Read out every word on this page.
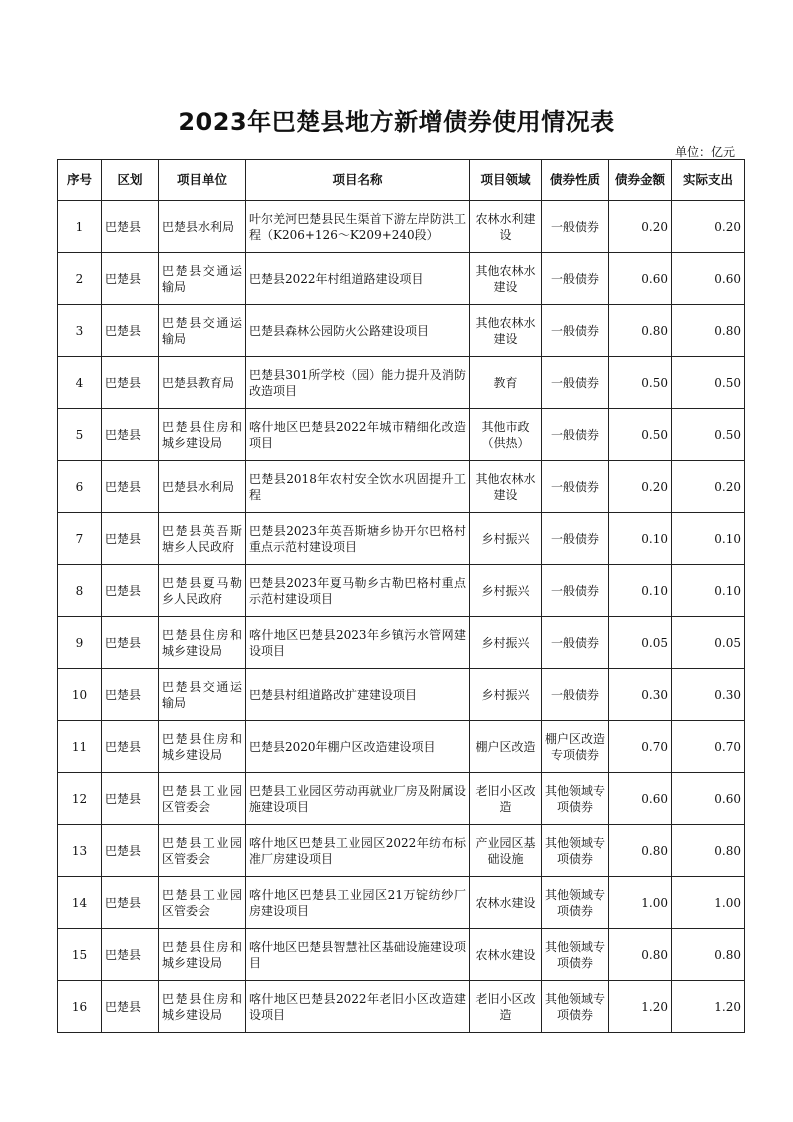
2023年巴楚县地方新增债券使用情况表
单位：亿元
序号	区划	项目单位	项目名称	项目领域	债券性质	债券金额	实际支出
1	巴楚县	巴楚县水利局	叶尔羌河巴楚县民生渠首下游左岸防洪工程（K206+126～K209+240段）	农林水利建设	一般债券	0.20	0.20
2	巴楚县	巴楚县交通运输局	巴楚县2022年村组道路建设项目	其他农林水建设	一般债券	0.60	0.60
3	巴楚县	巴楚县交通运输局	巴楚县森林公园防火公路建设项目	其他农林水建设	一般债券	0.80	0.80
4	巴楚县	巴楚县教育局	巴楚县301所学校（园）能力提升及消防改造项目	教育	一般债券	0.50	0.50
5	巴楚县	巴楚县住房和城乡建设局	喀什地区巴楚县2022年城市精细化改造项目	其他市政（供热）	一般债券	0.50	0.50
6	巴楚县	巴楚县水利局	巴楚县2018年农村安全饮水巩固提升工程	其他农林水建设	一般债券	0.20	0.20
7	巴楚县	巴楚县英吾斯塘乡人民政府	巴楚县2023年英吾斯塘乡协开尔巴格村重点示范村建设项目	乡村振兴	一般债券	0.10	0.10
8	巴楚县	巴楚县夏马勒乡人民政府	巴楚县2023年夏马勒乡古勒巴格村重点示范村建设项目	乡村振兴	一般债券	0.10	0.10
9	巴楚县	巴楚县住房和城乡建设局	喀什地区巴楚县2023年乡镇污水管网建设项目	乡村振兴	一般债券	0.05	0.05
10	巴楚县	巴楚县交通运输局	巴楚县村组道路改扩建建设项目	乡村振兴	一般债券	0.30	0.30
11	巴楚县	巴楚县住房和城乡建设局	巴楚县2020年棚户区改造建设项目	棚户区改造	棚户区改造专项债券	0.70	0.70
12	巴楚县	巴楚县工业园区管委会	巴楚县工业园区劳动再就业厂房及附属设施建设项目	老旧小区改造	其他领域专项债券	0.60	0.60
13	巴楚县	巴楚县工业园区管委会	喀什地区巴楚县工业园区2022年纺布标准厂房建设项目	产业园区基础设施	其他领域专项债券	0.80	0.80
14	巴楚县	巴楚县工业园区管委会	喀什地区巴楚县工业园区21万锭纺纱厂房建设项目	农林水建设	其他领域专项债券	1.00	1.00
15	巴楚县	巴楚县住房和城乡建设局	喀什地区巴楚县智慧社区基础设施建设项目	农林水建设	其他领域专项债券	0.80	0.80
16	巴楚县	巴楚县住房和城乡建设局	喀什地区巴楚县2022年老旧小区改造建设项目	老旧小区改造	其他领域专项债券	1.20	1.20
